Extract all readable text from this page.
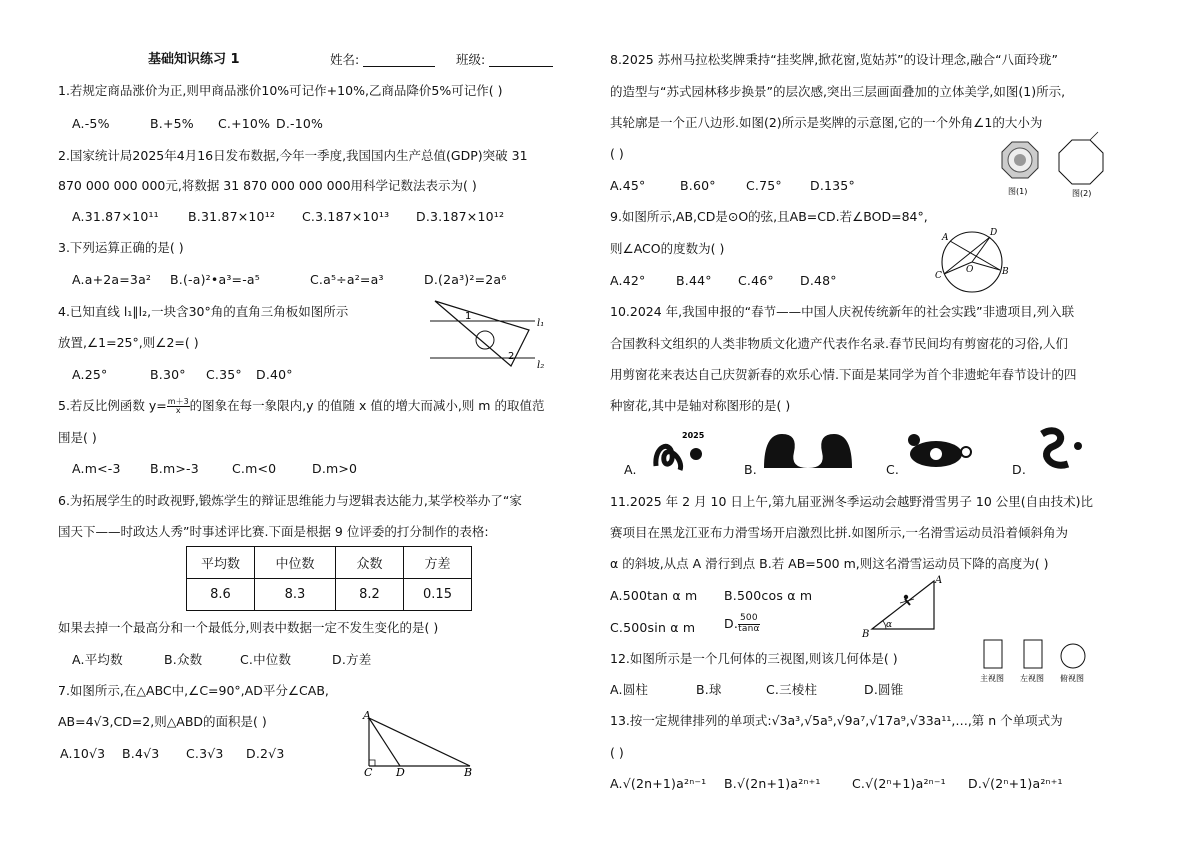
基础知识练习 1	姓名:	班级:
1.若规定商品涨价为正,则甲商品涨价10%可记作+10%,乙商品降价5%可记作( )
A.-5%	B.+5% C.+10% D.-10%
2.国家统计局2025年4月16日发布数据,今年一季度,我国国内生产总值(GDP)突破 31
870 000 000 000元,将数据 31 870 000 000 000用科学记数法表示为( )
A.31.87×10¹¹ B.31.87×10¹² C.3.187×10¹³ D.3.187×10¹²
3.下列运算正确的是( )
A.a+2a=3a² B.(-a)²•a³=-a⁵	C.a⁵÷a²=a³	D.(2a³)²=2a⁶
4.已知直线 l₁∥l₂,一块含30°角的直角三角板如图所示
放置,∠1=25°,则∠2=( )
A.25°	B.30° C.35° D.40°
l₁
l₂
1
2
5.若反比例函数 $y= \frac{m+3}{x}$ 的图象在每一象限内,y 的值随 x 值的增大而减小,则 m 的取值范
围是( )
A.m<-3 B.m>-3	C.m<0	D.m>0
6.为拓展学生的时政视野,锻炼学生的辩证思维能力与逻辑表达能力,某学校举办了“家
国天下——时政达人秀”时事述评比赛.下面是根据 9 位评委的打分制作的表格:
平均数	中位数	众数	方差
8.6	8.3	8.2	0.15
如果去掉一个最高分和一个最低分,则表中数据一定不发生变化的是( )
A.平均数	B.众数	C.中位数	D.方差
7.如图所示,在△ABC中,∠C=90°,AD平分∠CAB,
AB=4√3,CD=2,则△ABD的面积是( )
A.10√3 B.4√3 C.3√3 D.2√3
A
C D	B
8.2025 苏州马拉松奖牌秉持“挂奖牌,掀花窗,览姑苏”的设计理念,融合“八面玲珑”
的造型与“苏式园林移步换景”的层次感,突出三层画面叠加的立体美学,如图(1)所示,
其轮廓是一个正八边形.如图(2)所示是奖牌的示意图,它的一个外角∠1的大小为
( )
A.45°	B.60° C.75° D.135°	图(1)	图(2)
9.如图所示,AB,CD是⊙O的弦,且AB=CD.若∠BOD=84°,
则∠ACO的度数为( )
A.42° B.44° C.46° D.48°
A	D
C	B
O
10.2024 年,我国申报的“春节——中国人庆祝传统新年的社会实践”非遗项目,列入联
合国教科文组织的人类非物质文化遗产代表作名录.春节民间均有剪窗花的习俗,人们
用剪窗花来表达自己庆贺新春的欢乐心情.下面是某同学为首个非遗蛇年春节设计的四
种窗花,其中是轴对称图形的是( )
A.	B.	C.	D.
2025
11.2025 年 2 月 10 日上午,第九届亚洲冬季运动会越野滑雪男子 10 公里(自由技术)比
赛项目在黑龙江亚布力滑雪场开启激烈比拼.如图所示,一名滑雪运动员沿着倾斜角为
α 的斜坡,从点 A 滑行到点 B.若 AB=500 m,则这名滑雪运动员下降的高度为( )
A.500tan α m B.500cos α m
C.500sin α m D. $\frac{500}{\tan\alpha}$
A
B
α
12.如图所示是一个几何体的三视图,则该几何体是( )
A.圆柱	B.球	C.三棱柱	D.圆锥
主视图 左视图 俯视图
13.按一定规律排列的单项式:√3a³,√5a⁵,√9a⁷,√17a⁹,√33a¹¹,…,第 n 个单项式为
( )
A.√(2n+1)a²ⁿ⁻¹ B.√(2n+1)a²ⁿ⁺¹	C.√(2ⁿ+1)a²ⁿ⁻¹ D.√(2ⁿ+1)a²ⁿ⁺¹
